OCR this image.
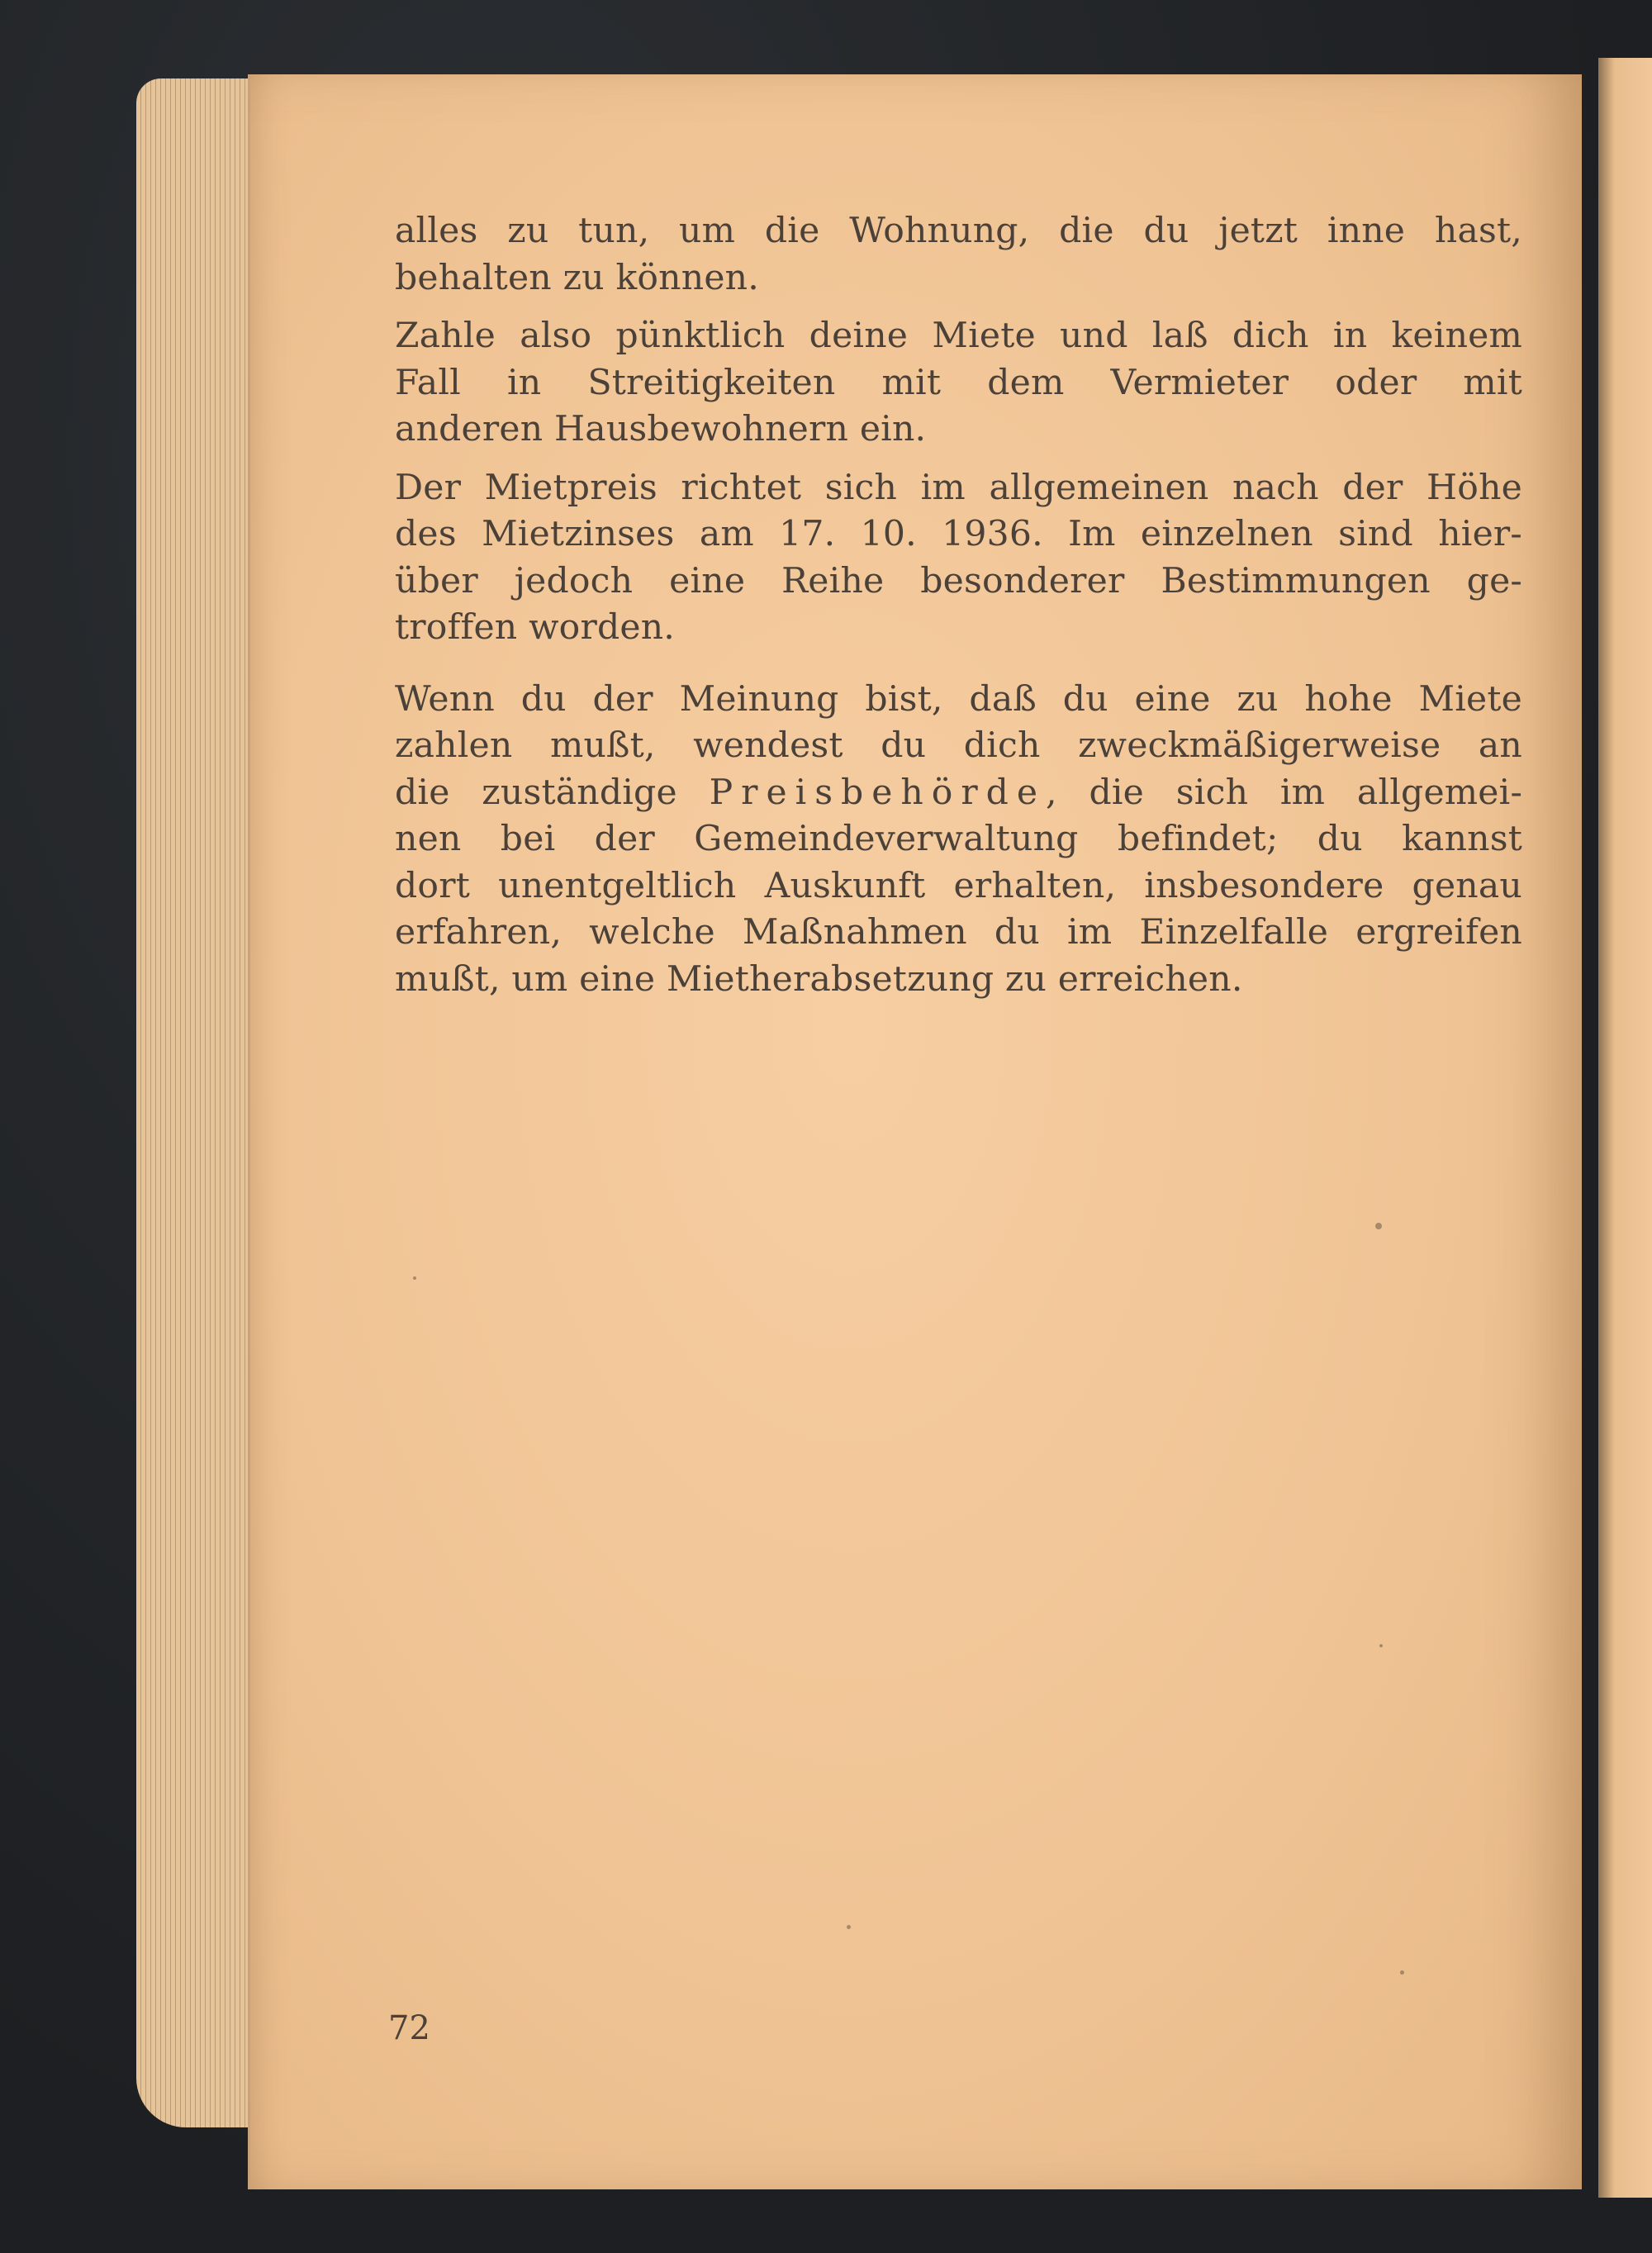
alles zu tun, um die Wohnung, die du jetzt inne hast,
behalten zu können.

Zahle also pünktlich deine Miete und laß dich in keinem
Fall in Streitigkeiten mit dem Vermieter oder mit
anderen Hausbewohnern ein.

Der Mietpreis richtet sich im allgemeinen nach der Höhe
des Mietzinses am 17. 10. 1936. Im einzelnen sind hier-
über jedoch eine Reihe besonderer Bestimmungen ge-
troffen worden.

Wenn du der Meinung bist, daß du eine zu hohe Miete
zahlen mußt, wendest du dich zweckmäßigerweise an
die zuständige Preisbehörde, die sich im allgemei-
nen bei der Gemeindeverwaltung befindet; du kannst
dort unentgeltlich Auskunft erhalten, insbesondere genau
erfahren, welche Maßnahmen du im Einzelfalle ergreifen
mußt, um eine Mietherabsetzung zu erreichen.

72
